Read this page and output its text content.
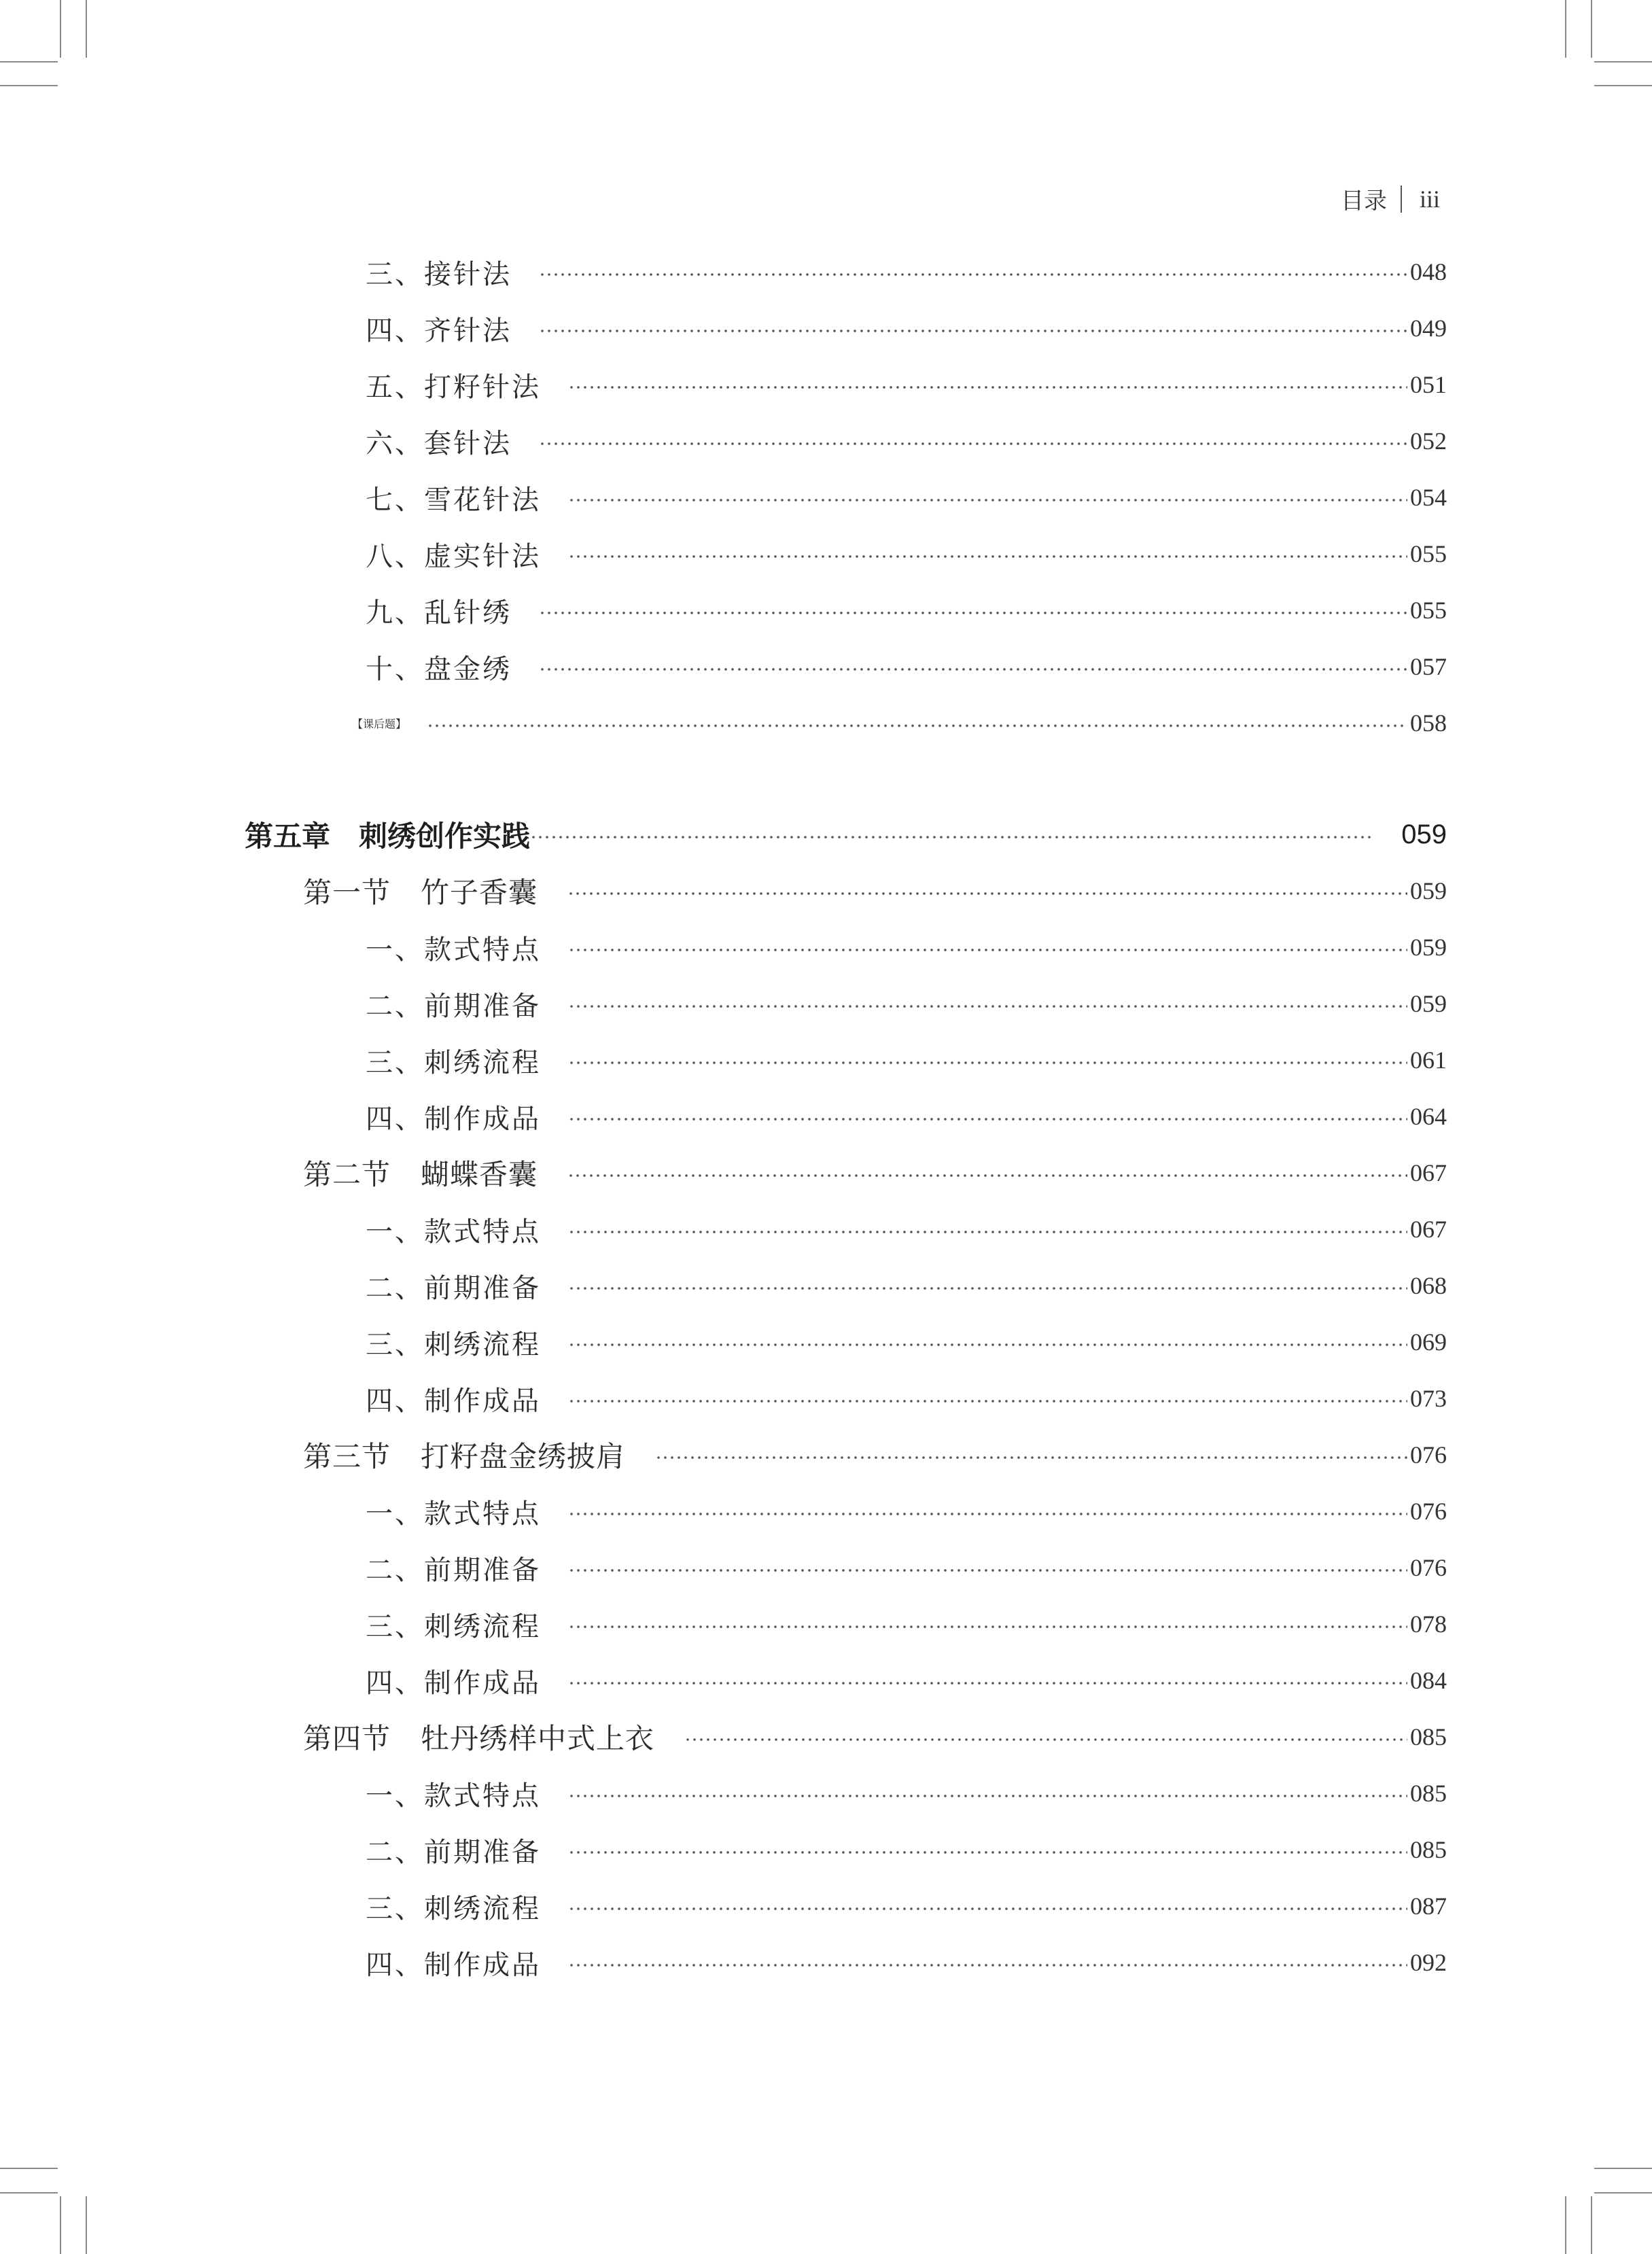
目录 iii
三、接针法	048
四、齐针法	049
五、打籽针法	051
六、套针法	052
七、雪花针法	054
八、虚实针法	055
九、乱针绣	055
十、盘金绣	057
【课后题】	058
第五章 刺绣创作实践	059
第一节 竹子香囊	059
一、款式特点	059
二、前期准备	059
三、刺绣流程	061
四、制作成品	064
第二节 蝴蝶香囊	067
一、款式特点	067
二、前期准备	068
三、刺绣流程	069
四、制作成品	073
第三节 打籽盘金绣披肩	076
一、款式特点	076
二、前期准备	076
三、刺绣流程	078
四、制作成品	084
第四节 牡丹绣样中式上衣	085
一、款式特点	085
二、前期准备	085
三、刺绣流程	087
四、制作成品	092
